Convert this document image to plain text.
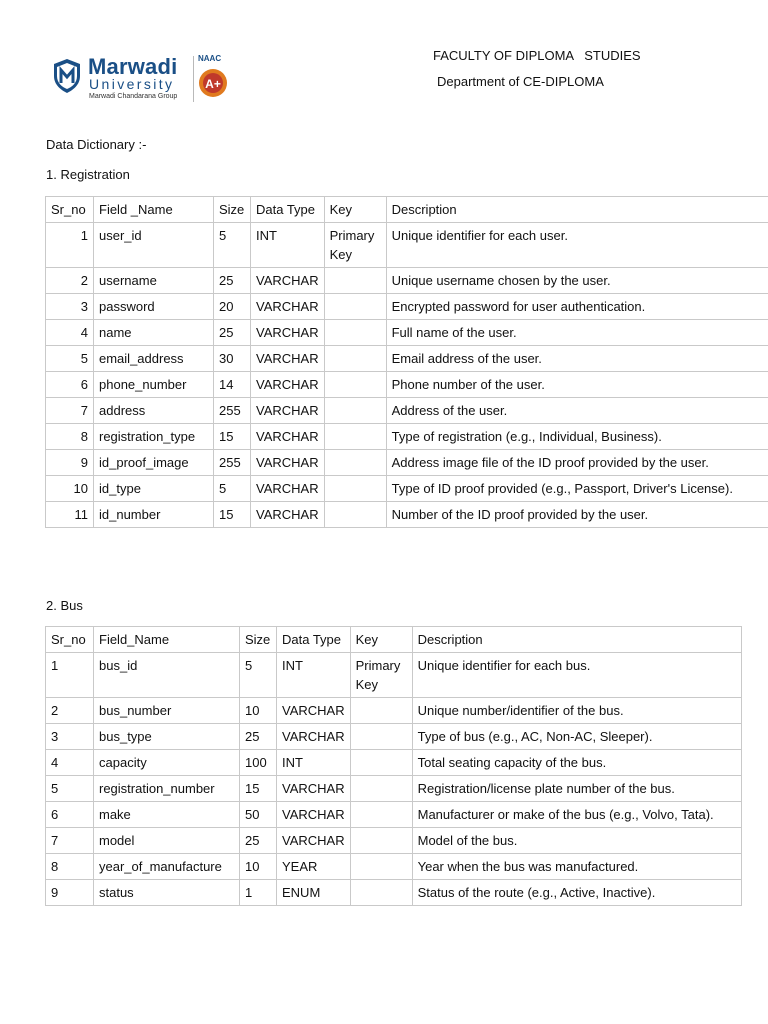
Marwadi
University
Marwadi Chandarana Group
NAAC
A+
FACULTY OF DIPLOMA   STUDIES
Department of CE-DIPLOMA
Data Dictionary :-
1. Registration
Sr_no	Field _Name	Size	Data Type	Key	Description
1	user_id	5	INT	Primary Key	Unique identifier for each user.
2	username	25	VARCHAR		Unique username chosen by the user.
3	password	20	VARCHAR		Encrypted password for user authentication.
4	name	25	VARCHAR		Full name of the user.
5	email_address	30	VARCHAR		Email address of the user.
6	phone_number	14	VARCHAR		Phone number of the user.
7	address	255	VARCHAR		Address of the user.
8	registration_type	15	VARCHAR		Type of registration (e.g., Individual, Business).
9	id_proof_image	255	VARCHAR		Address image file of the ID proof provided by the user.
10	id_type	5	VARCHAR		Type of ID proof provided (e.g., Passport, Driver's License).
11	id_number	15	VARCHAR		Number of the ID proof provided by the user.
2. Bus
Sr_no	Field_Name	Size	Data Type	Key	Description
1	bus_id	5	INT	Primary Key	Unique identifier for each bus.
2	bus_number	10	VARCHAR		Unique number/identifier of the bus.
3	bus_type	25	VARCHAR		Type of bus (e.g., AC, Non-AC, Sleeper).
4	capacity	100	INT		Total seating capacity of the bus.
5	registration_number	15	VARCHAR		Registration/license plate number of the bus.
6	make	50	VARCHAR		Manufacturer or make of the bus (e.g., Volvo, Tata).
7	model	25	VARCHAR		Model of the bus.
8	year_of_manufacture	10	YEAR		Year when the bus was manufactured.
9	status	1	ENUM		Status of the route (e.g., Active, Inactive).
